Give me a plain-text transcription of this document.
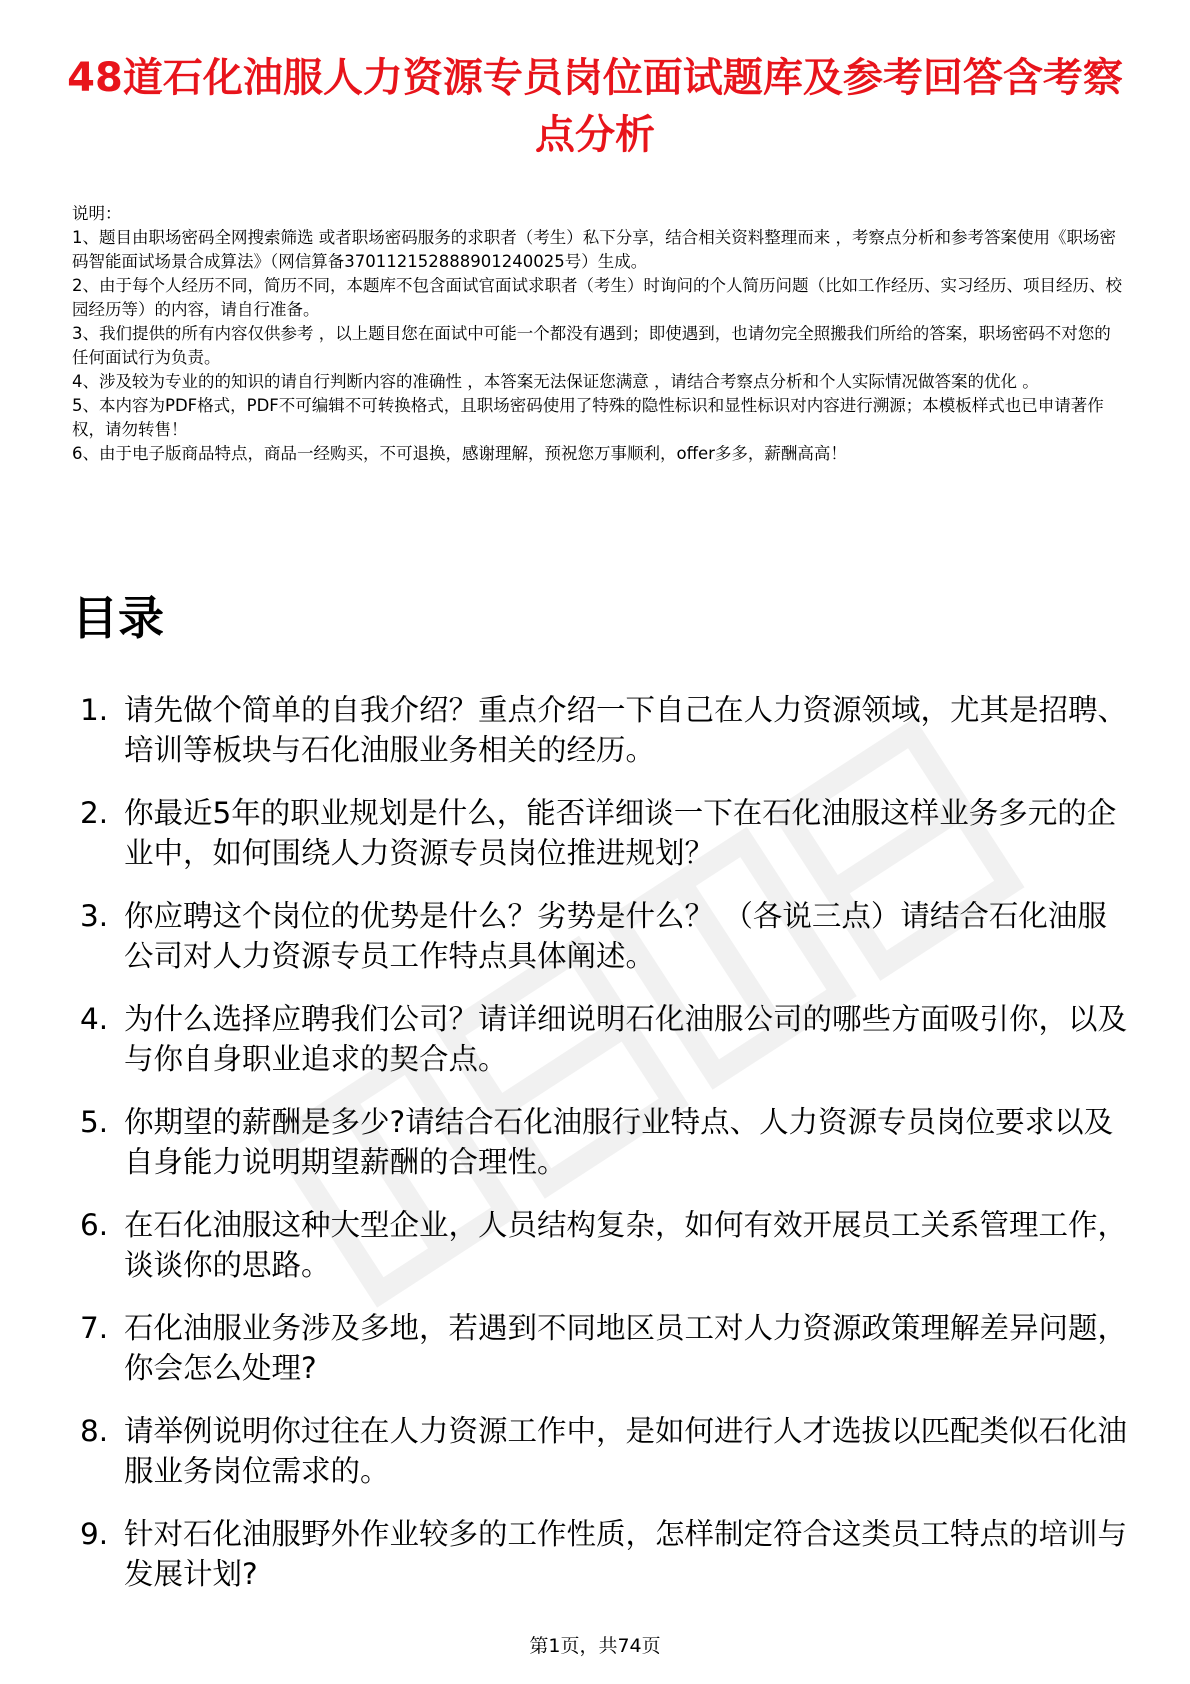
48道石化油服人力资源专员岗位面试题库及参考回答含考察点分析

说明：

1、题目由职场密码全网搜索筛选 或者职场密码服务的求职者（考生）私下分享，结合相关资料整理而来 ，考察点分析和参考答案使用《职场密码智能面试场景合成算法》（网信算备370112152888901240025号）生成。

2、由于每个人经历不同，简历不同，本题库不包含面试官面试求职者（考生）时询问的个人简历问题（比如工作经历、实习经历、项目经历、校园经历等）的内容，请自行准备。

3、我们提供的所有内容仅供参考 ，以上题目您在面试中可能一个都没有遇到；即使遇到，也请勿完全照搬我们所给的答案，职场密码不对您的任何面试行为负责。

4、涉及较为专业的的知识的请自行判断内容的准确性 ，本答案无法保证您满意 ，请结合考察点分析和个人实际情况做答案的优化 。

5、本内容为PDF格式，PDF不可编辑不可转换格式，且职场密码使用了特殊的隐性标识和显性标识对内容进行溯源；本模板样式也已申请著作权，请勿转售！

6、由于电子版商品特点，商品一经购买，不可退换，感谢理解，预祝您万事顺利，offer多多，薪酬高高！

目录
1. 请先做个简单的自我介绍？重点介绍一下自己在人力资源领域，尤其是招聘、培训等板块与石化油服业务相关的经历。
2. 你最近5年的职业规划是什么，能否详细谈一下在石化油服这样业务多元的企业中，如何围绕人力资源专员岗位推进规划？
3. 你应聘这个岗位的优势是什么？劣势是什么？ （各说三点）请结合石化油服公司对人力资源专员工作特点具体阐述。
4. 为什么选择应聘我们公司？请详细说明石化油服公司的哪些方面吸引你，以及与你自身职业追求的契合点。
5. 你期望的薪酬是多少?请结合石化油服行业特点、人力资源专员岗位要求以及自身能力说明期望薪酬的合理性。
6. 在石化油服这种大型企业，人员结构复杂，如何有效开展员工关系管理工作，谈谈你的思路。
7. 石化油服业务涉及多地，若遇到不同地区员工对人力资源政策理解差异问题，你会怎么处理?
8. 请举例说明你过往在人力资源工作中，是如何进行人才选拔以匹配类似石化油服业务岗位需求的。
9. 针对石化油服野外作业较多的工作性质，怎样制定符合这类员工特点的培训与发展计划?
第1页，共74页
